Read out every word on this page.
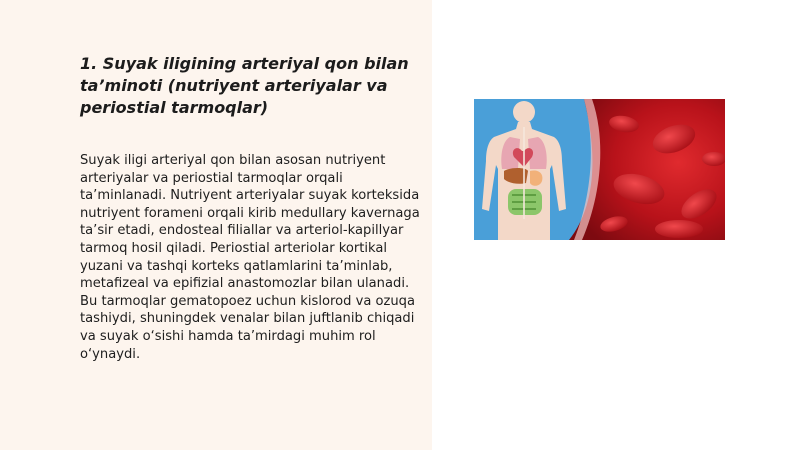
1. Suyak iligining arteriyal qon bilan ta’minoti (nutriyent arteriyalar va periostial tarmoqlar)

Suyak iligi arteriyal qon bilan asosan nutriyent arteriyalar va periostial tarmoqlar orqali ta’minlanadi. Nutriyent arteriyalar suyak korteksida nutriyent foramenі orqali kirib medullary kavernaga ta’sir etadi, endosteal filiallar va arteriol-kapillyar tarmoq hosil qiladi. Periostial arteriolar kortikal yuzani va tashqi korteks qatlamlarini ta’minlab, metafizeal va epifizial anastomozlar bilan ulanadi. Bu tarmoqlar gematopoez uchun kislorod va ozuqa tashiydi, shuningdek venalar bilan juftlanib chiqadi va suyak o‘sishi hamda ta’mirdagi muhim rol o‘ynaydi.
